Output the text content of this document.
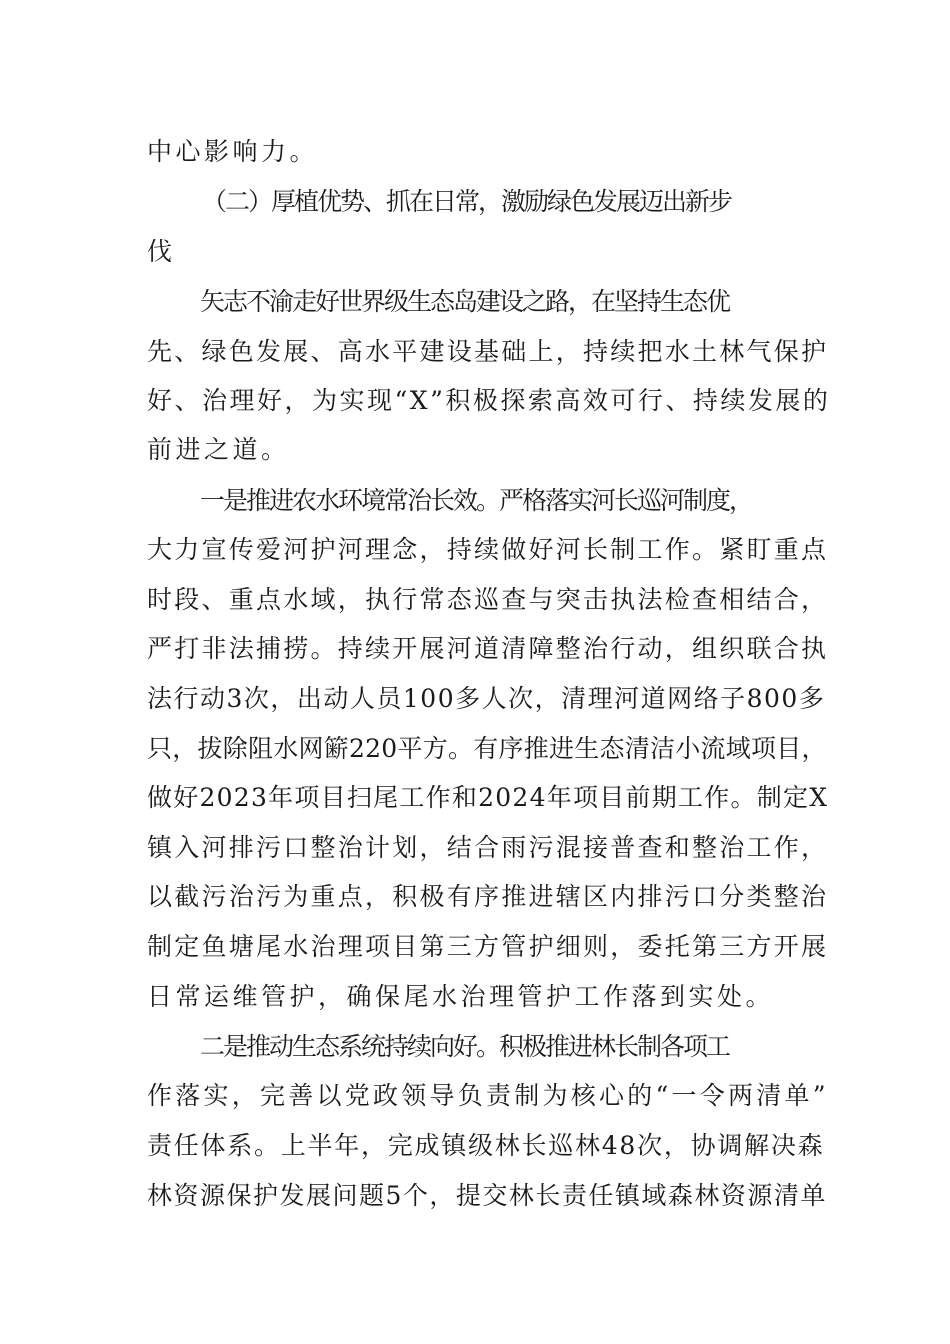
中心影响力。
（二）厚植优势、抓在日常，激励绿色发展迈出新步
伐
矢志不渝走好世界级生态岛建设之路，在坚持生态优
先、绿色发展、高水平建设基础上，持续把水土林气保护
好、治理好，为实现“X”积极探索高效可行、持续发展的
前进之道。
一是推进农水环境常治长效。严格落实河长巡河制度，
大力宣传爱河护河理念，持续做好河长制工作。紧盯重点
时段、重点水域，执行常态巡查与突击执法检查相结合，
严打非法捕捞。持续开展河道清障整治行动，组织联合执
法行动3次，出动人员100多人次，清理河道网络子800多
只，拔除阻水网簖220平方。有序推进生态清洁小流域项目，
做好2023年项目扫尾工作和2024年项目前期工作。制定X
镇入河排污口整治计划，结合雨污混接普查和整治工作，
以截污治污为重点，积极有序推进辖区内排污口分类整治
制定鱼塘尾水治理项目第三方管护细则，委托第三方开展
日常运维管护，确保尾水治理管护工作落到实处。
二是推动生态系统持续向好。积极推进林长制各项工
作落实，完善以党政领导负责制为核心的“一令两清单”
责任体系。上半年，完成镇级林长巡林48次，协调解决森
林资源保护发展问题5个，提交林长责任镇域森林资源清单
